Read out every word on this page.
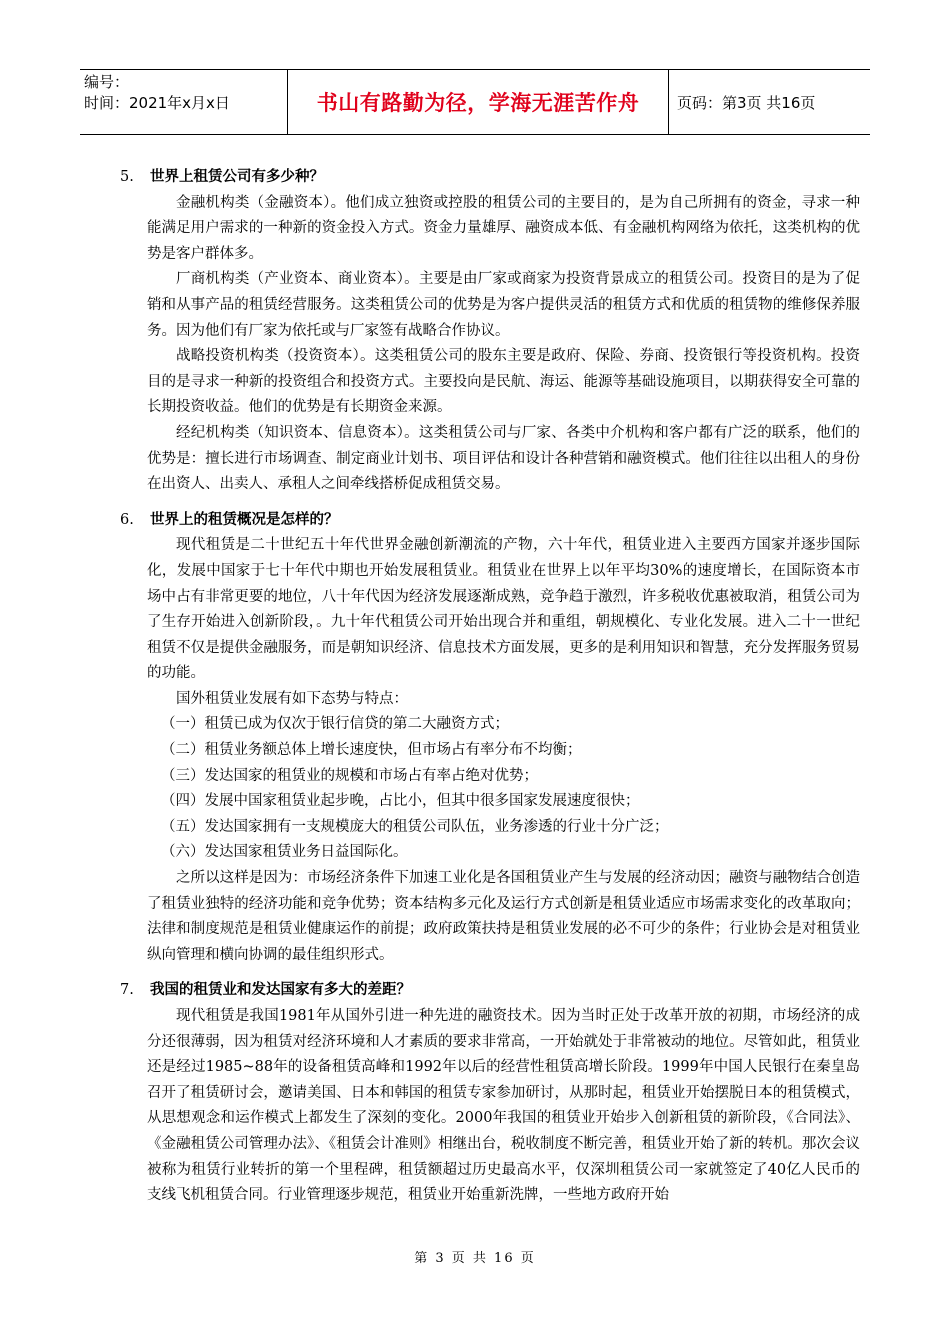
编号：
时间：2021年x月x日	书山有路勤为径，学海无涯苦作舟	页码：第3页 共16页
5.	世界上租赁公司有多少种？

金融机构类（金融资本）。他们成立独资或控股的租赁公司的主要目的，是为自己所拥有的资金，寻求一种能满足用户需求的一种新的资金投入方式。资金力量雄厚、融资成本低、有金融机构网络为依托，这类机构的优势是客户群体多。

厂商机构类（产业资本、商业资本）。主要是由厂家或商家为投资背景成立的租赁公司。投资目的是为了促销和从事产品的租赁经营服务。这类租赁公司的优势是为客户提供灵活的租赁方式和优质的租赁物的维修保养服务。因为他们有厂家为依托或与厂家签有战略合作协议。

战略投资机构类（投资资本）。这类租赁公司的股东主要是政府、保险、券商、投资银行等投资机构。投资目的是寻求一种新的投资组合和投资方式。主要投向是民航、海运、能源等基础设施项目，以期获得安全可靠的长期投资收益。他们的优势是有长期资金来源。

经纪机构类（知识资本、信息资本）。这类租赁公司与厂家、各类中介机构和客户都有广泛的联系，他们的优势是：擅长进行市场调查、制定商业计划书、项目评估和设计各种营销和融资模式。他们往往以出租人的身份在出资人、出卖人、承租人之间牵线搭桥促成租赁交易。

6.	世界上的租赁概况是怎样的？

现代租赁是二十世纪五十年代世界金融创新潮流的产物，六十年代，租赁业进入主要西方国家并逐步国际化，发展中国家于七十年代中期也开始发展租赁业。租赁业在世界上以年平均30%的速度增长，在国际资本市场中占有非常更要的地位，八十年代因为经济发展逐渐成熟，竞争趋于激烈，许多税收优惠被取消，租赁公司为了生存开始进入创新阶段，。九十年代租赁公司开始出现合并和重组，朝规模化、专业化发展。进入二十一世纪租赁不仅是提供金融服务，而是朝知识经济、信息技术方面发展，更多的是利用知识和智慧，充分发挥服务贸易的功能。

国外租赁业发展有如下态势与特点：

（一）租赁已成为仅次于银行信贷的第二大融资方式；

（二）租赁业务额总体上增长速度快，但市场占有率分布不均衡；

（三）发达国家的租赁业的规模和市场占有率占绝对优势；

（四）发展中国家租赁业起步晚，占比小，但其中很多国家发展速度很快；

（五）发达国家拥有一支规模庞大的租赁公司队伍，业务渗透的行业十分广泛；

（六）发达国家租赁业务日益国际化。

之所以这样是因为：市场经济条件下加速工业化是各国租赁业产生与发展的经济动因；融资与融物结合创造了租赁业独特的经济功能和竞争优势；资本结构多元化及运行方式创新是租赁业适应市场需求变化的改革取向；法律和制度规范是租赁业健康运作的前提；政府政策扶持是租赁业发展的必不可少的条件；行业协会是对租赁业纵向管理和横向协调的最佳组织形式。

7.	我国的租赁业和发达国家有多大的差距？

现代租赁是我国1981年从国外引进一种先进的融资技术。因为当时正处于改革开放的初期，市场经济的成分还很薄弱，因为租赁对经济环境和人才素质的要求非常高，一开始就处于非常被动的地位。尽管如此，租赁业还是经过1985~88年的设备租赁高峰和1992年以后的经营性租赁高增长阶段。1999年中国人民银行在秦皇岛召开了租赁研讨会，邀请美国、日本和韩国的租赁专家参加研讨，从那时起，租赁业开始摆脱日本的租赁模式，从思想观念和运作模式上都发生了深刻的变化。2000年我国的租赁业开始步入创新租赁的新阶段，《合同法》、《金融租赁公司管理办法》、《租赁会计准则》相继出台，税收制度不断完善，租赁业开始了新的转机。那次会议被称为租赁行业转折的第一个里程碑，租赁额超过历史最高水平，仅深圳租赁公司一家就签定了40亿人民币的支线飞机租赁合同。行业管理逐步规范，租赁业开始重新洗牌，一些地方政府开始

第 3 页 共 16 页
